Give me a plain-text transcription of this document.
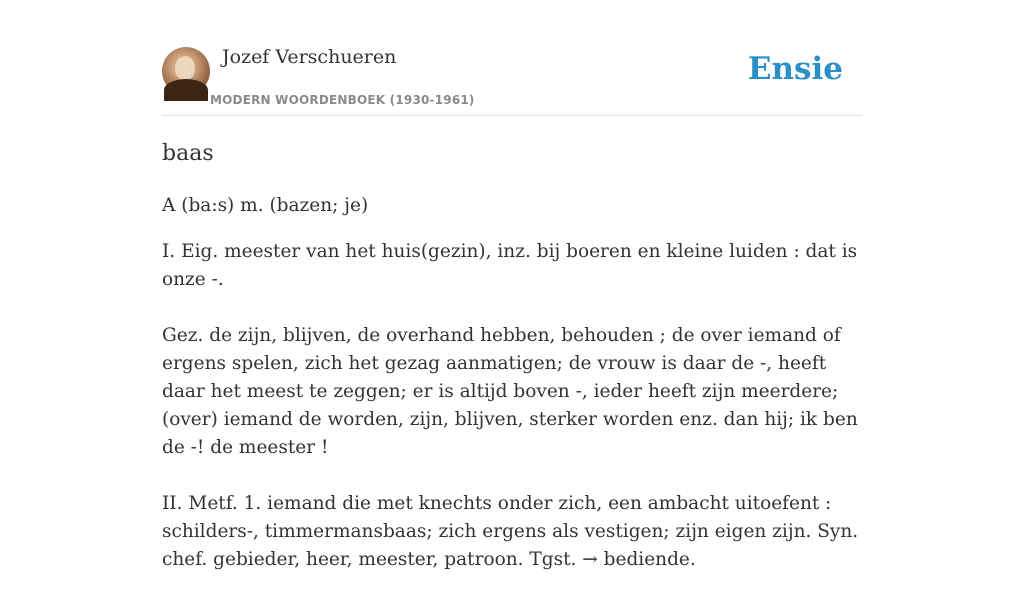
Jozef Verschueren
MODERN WOORDENBOEK (1930-1961)
Ensie
baas

A (ba:s) m. (bazen; je)

I. Eig. meester van het huis(gezin), inz. bij boeren en kleine luiden : dat is onze -.

Gez. de zijn, blijven, de overhand hebben, behouden ; de over iemand of ergens spelen, zich het gezag aanmatigen; de vrouw is daar de -, heeft daar het meest te zeggen; er is altijd boven -, ieder heeft zijn meerdere; (over) iemand de worden, zijn, blijven, sterker worden enz. dan hij; ik ben de -! de meester !

II. Metf. 1. iemand die met knechts onder zich, een ambacht uitoefent : schilders-, timmermansbaas; zich ergens als vestigen; zijn eigen zijn. Syn. chef. gebieder, heer, meester, patroon. Tgst. → bediende.
